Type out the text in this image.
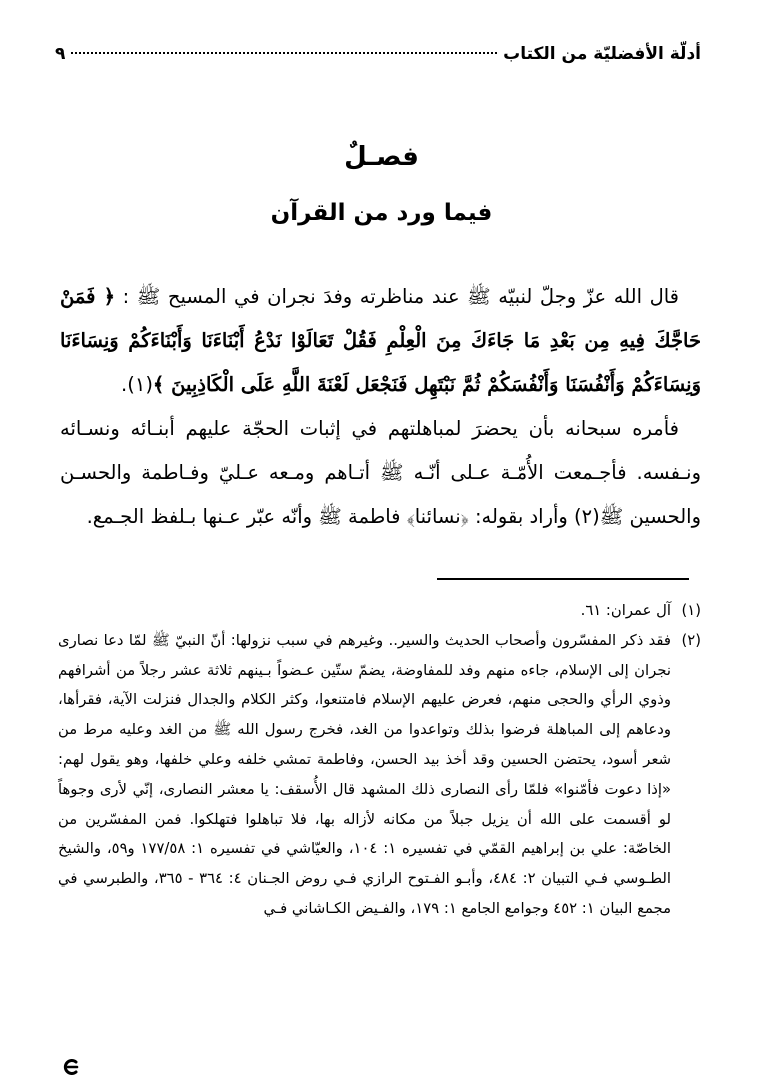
أدلّة الأفضليّة من الكتاب
٩
فصـلٌ
فيما ورد من القرآن

قال الله عزّ وجلّ لنبيّه ﷺ عند مناظرته وفدَ نجران في المسيح ﷺ : ﴿ فَمَنْ حَاجَّكَ فِيهِ مِن بَعْدِ مَا جَاءَكَ مِنَ الْعِلْمِ فَقُلْ تَعَالَوْا نَدْعُ أَبْنَاءَنَا وَأَبْنَاءَكُمْ وَنِسَاءَنَا وَنِسَاءَكُمْ وَأَنْفُسَنَا وَأَنْفُسَكُمْ ثُمَّ نَبْتَهِل فَنَجْعَل لَعْنَةَ اللَّهِ عَلَى الْكَاذِبِينَ ﴾(١).

فأمره سبحانه بأن يحضرَ لمباهلتهم في إثبات الحجّة عليهم أبنـائه ونسـائه ونـفسه. فأجـمعت الأُمّـة عـلى أنّـه ﷺ أتـاهم ومـعه عـليّ وفـاطمة والحسـن والحسين ﷺ(٢) وأراد بقوله: ﴿نسائنا﴾ فاطمة ﷺ وأنّه عبّر عـنها بـلفظ الجـمع.

(١)
آل عمران: ٦١.
(٢)
فقد ذكر المفسّرون وأصحاب الحديث والسير.. وغيرهم في سبب نزولها: أنّ النبيّ ﷺ لمّا دعا نصارى نجران إلى الإسلام، جاءه منهم وفد للمفاوضة، يضمّ ستّين عـضواً بـينهم ثلاثة عشر رجلاً من أشرافهم وذوي الرأي والحجى منهم، فعرض عليهم الإسلام فامتنعوا، وكثر الكلام والجدال فنزلت الآية، فقرأها، ودعاهم إلى المباهلة فرضوا بذلك وتواعدوا من الغد، فخرج رسول الله ﷺ من الغد وعليه مرط من شعر أسود، يحتضن الحسين وقد أخذ بيد الحسن، وفاطمة تمشي خلفه وعلي خلفها، وهو يقول لهم: «إذا دعوت فأمّنوا» فلمّا رأى النصارى ذلك المشهد قال الأُسقف: يا معشر النصارى، إنّي لأرى وجوهاً لو أقسمت على الله أن يزيل جبلاً من مكانه لأزاله بها، فلا تباهلوا فتهلكوا. فمن المفسّرين من الخاصّة: علي بن إبراهيم القمّي في تفسيره ١: ١٠٤، والعيّاشي في تفسيره ١: ١٧٧/٥٨ و٥٩، والشيخ الطـوسي فـي التبيان ٢: ٤٨٤، وأبـو الفـتوح الرازي فـي روض الجـنان ٤: ٣٦٤ - ٣٦٥، والطبرسي في مجمع البيان ١: ٤٥٢ وجوامع الجامع ١: ١٧٩، والفـيض الكـاشاني فـي
